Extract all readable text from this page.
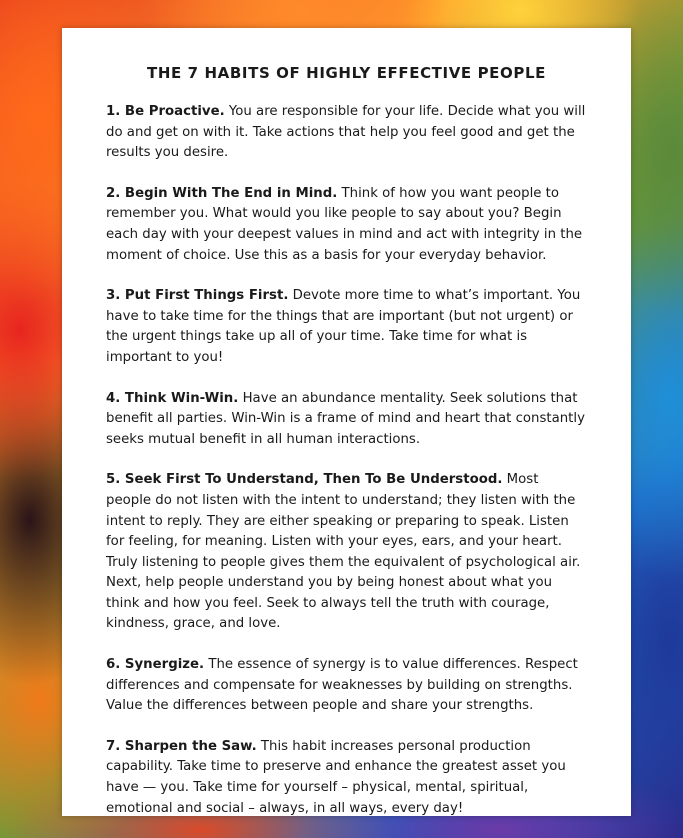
THE 7 HABITS OF HIGHLY EFFECTIVE PEOPLE

1. Be Proactive. You are responsible for your life. Decide what you will do and get on with it. Take actions that help you feel good and get the results you desire.

2. Begin With The End in Mind. Think of how you want people to remember you. What would you like people to say about you? Begin each day with your deepest values in mind and act with integrity in the moment of choice. Use this as a basis for your everyday behavior.

3. Put First Things First. Devote more time to what’s important. You have to take time for the things that are important (but not urgent) or the urgent things take up all of your time. Take time for what is important to you!

4. Think Win-Win. Have an abundance mentality. Seek solutions that benefit all parties. Win-Win is a frame of mind and heart that constantly seeks mutual benefit in all human interactions.

5. Seek First To Understand, Then To Be Understood. Most people do not listen with the intent to understand; they listen with the intent to reply. They are either speaking or preparing to speak. Listen for feeling, for meaning. Listen with your eyes, ears, and your heart. Truly listening to people gives them the equivalent of psychological air. Next, help people understand you by being honest about what you think and how you feel. Seek to always tell the truth with courage, kindness, grace, and love.

6. Synergize. The essence of synergy is to value differences. Respect differences and compensate for weaknesses by building on strengths. Value the differences between people and share your strengths.

7. Sharpen the Saw. This habit increases personal production capability. Take time to preserve and enhance the greatest asset you have — you. Take time for yourself – physical, mental, spiritual, emotional and social – always, in all ways, every day!
